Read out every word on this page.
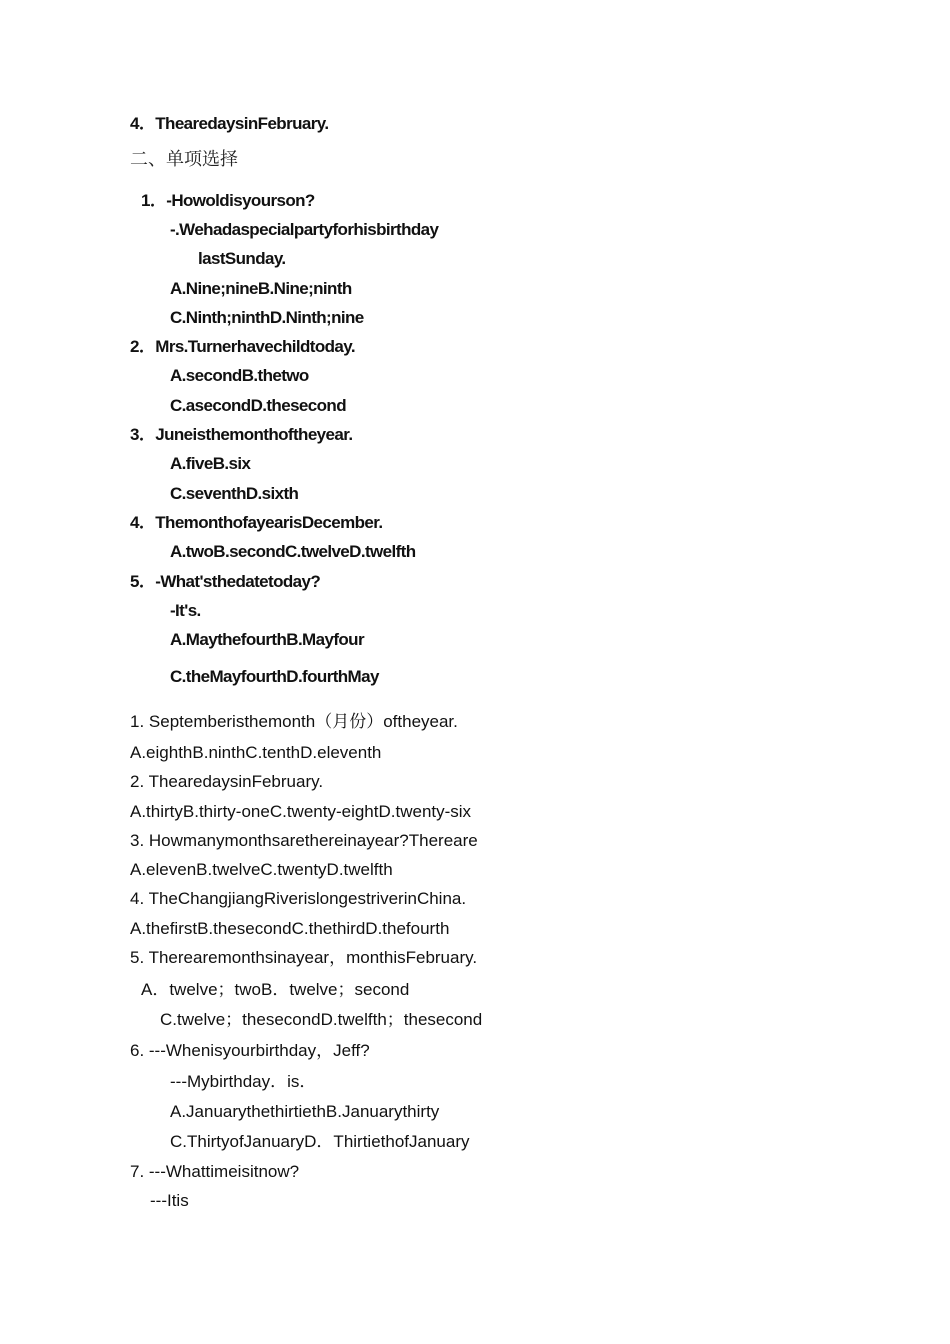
4．ThearedaysinFebruary.
二、单项选择
1．-Howoldisyourson?
-.Wehadaspecialpartyforhisbirthday
lastSunday.
A.Nine;nineB.Nine;ninth
C.Ninth;ninthD.Ninth;nine
2．Mrs.Turnerhavechildtoday.
A.secondB.thetwo
C.asecondD.thesecond
3．Juneisthemonthoftheyear.
A.fiveB.six
C.seventhD.sixth
4．ThemonthofayearisDecember.
A.twoB.secondC.twelveD.twelfth
5．-What'sthedatetoday?
-It's.
A.MaythefourthB.Mayfour
C.theMayfourthD.fourthMay
1. Septemberisthemonth（月份）oftheyear.
A.eighthB.ninthC.tenthD.eleventh
2. ThearedaysinFebruary.
A.thirtyB.thirty-oneC.twenty-eightD.twenty-six
3. Howmanymonthsarethereinayear?Thereare
A.elevenB.twelveC.twentyD.twelfth
4. TheChangjiangRiverislongestriverinChina.
A.thefirstB.thesecondC.thethirdD.thefourth
5. Therearemonthsinayear，monthisFebruary.
A．twelve；twoB．twelve；second
C.twelve；thesecondD.twelfth；thesecond
6. ---Whenisyourbirthday，Jeff?
---Mybirthday．is．
A.JanuarythethirtiethB.Januarythirty
C.ThirtyofJanuaryD．ThirtiethofJanuary
7. ---Whattimeisitnow?
---Itis
